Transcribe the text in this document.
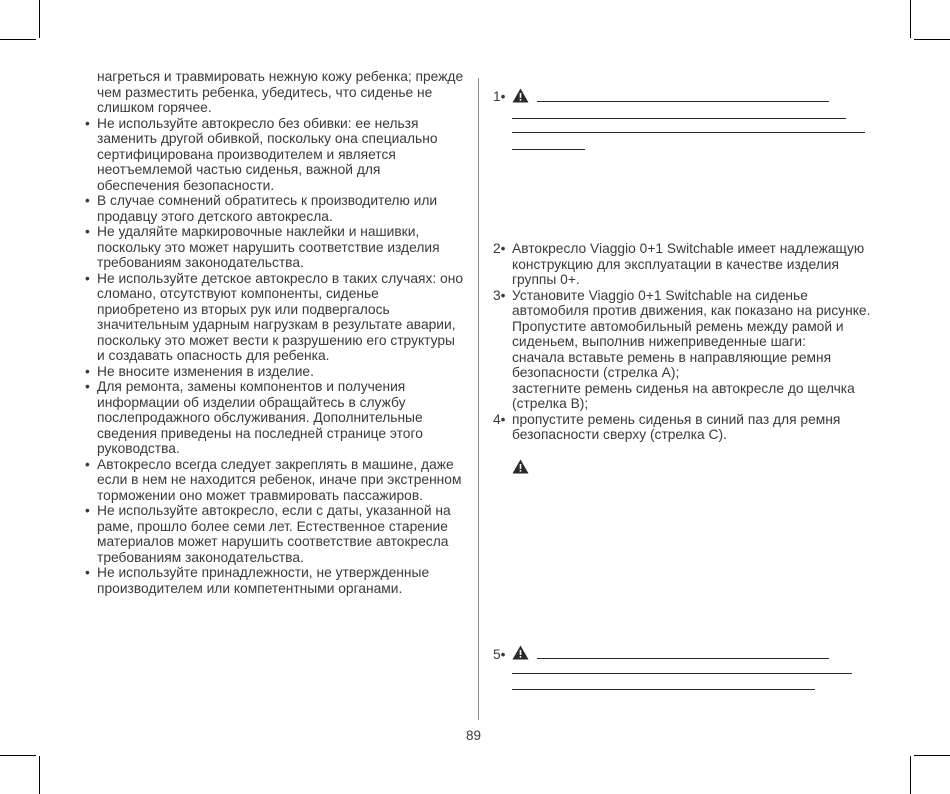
нагреться и травмировать нежную кожу ребенка; прежде чем разместить ребенка, убедитесь, что сиденье не слишком горячее.
• Не используйте автокресло без обивки: ее нельзя заменить другой обивкой, поскольку она специально сертифицирована производителем и является неотъемлемой частью сиденья, важной для обеспечения безопасности.
• В случае сомнений обратитесь к производителю или продавцу этого детского автокресла.
• Не удаляйте маркировочные наклейки и нашивки, поскольку это может нарушить соответствие изделия требованиям законодательства.
• Не используйте детское автокресло в таких случаях: оно сломано, отсутствуют компоненты, сиденье приобретено из вторых рук или подвергалось значительным ударным нагрузкам в результате аварии, поскольку это может вести к разрушению его структуры и создавать опасность для ребенка.
• Не вносите изменения в изделие.
• Для ремонта, замены компонентов и получения информации об изделии обращайтесь в службу послепродажного обслуживания. Дополнительные сведения приведены на последней странице этого руководства.
• Автокресло всегда следует закреплять в машине, даже если в нем не находится ребенок, иначе при экстренном торможении оно может травмировать пассажиров.
• Не используйте автокресло, если с даты, указанной на раме, прошло более семи лет. Естественное старение материалов может нарушить соответствие автокресла требованиям законодательства.
• Не используйте принадлежности, не утвержденные производителем или компетентными органами.
1•
2• Автокресло Viaggio 0+1 Switchable имеет надлежащую конструкцию для эксплуатации в качестве изделия группы 0+.
3• Установите Viaggio 0+1 Switchable на сиденье автомобиля против движения, как показано на рисунке.
Пропустите автомобильный ремень между рамой и сиденьем, выполнив нижеприведенные шаги:
сначала вставьте ремень в направляющие ремня безопасности (стрелка A);
застегните ремень сиденья на автокресле до щелчка (стрелка B);
4• пропустите ремень сиденья в синий паз для ремня безопасности сверху (стрелка C).
5•
89
